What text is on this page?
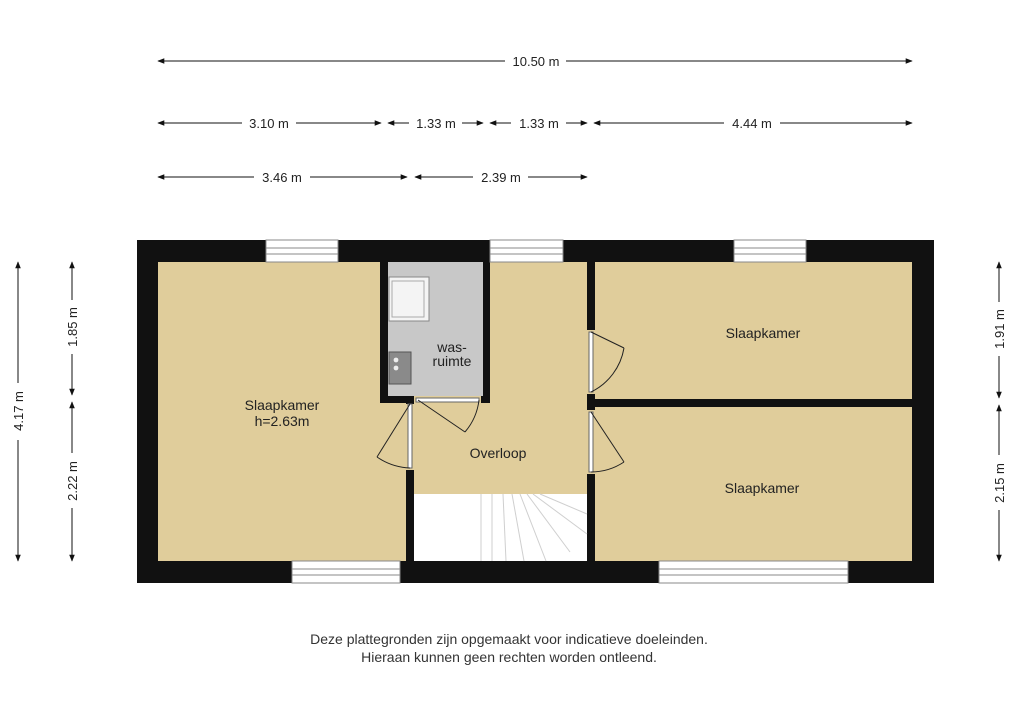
10.50 m
3.10 m	1.33 m	1.33 m	4.44 m
3.46 m	2.39 m
4.17 m
1.85 m
2.22 m
1.91 m
2.15 m
Slaapkamer
h=2.63m
was-
ruimte
Overloop
Slaapkamer
Slaapkamer
Deze plattegronden zijn opgemaakt voor indicatieve doeleinden.
Hieraan kunnen geen rechten worden ontleend.
